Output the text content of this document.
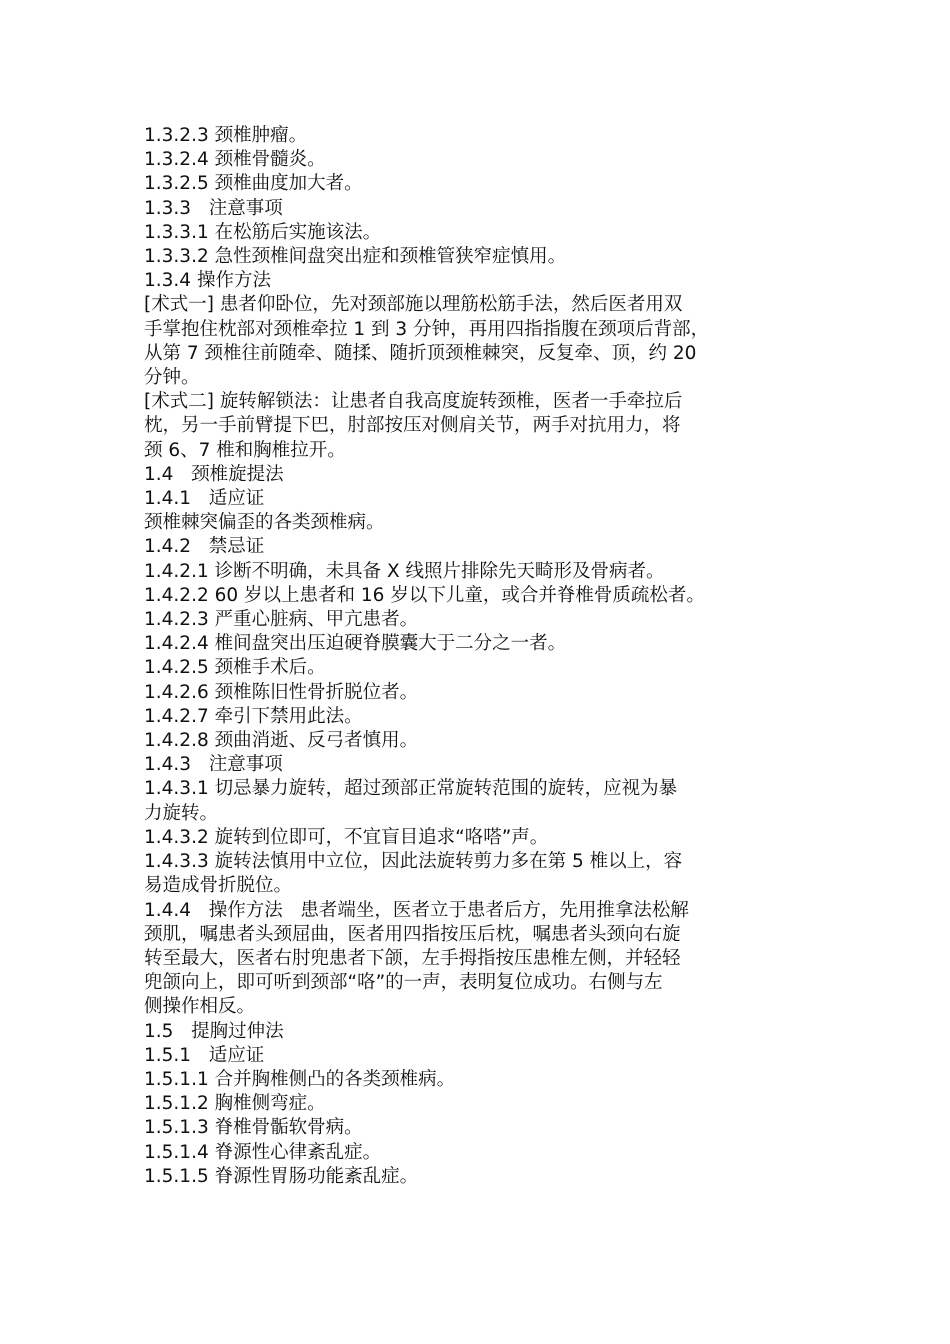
1.3.2.3 颈椎肿瘤。
1.3.2.4 颈椎骨髓炎。
1.3.2.5 颈椎曲度加大者。
1.3.3   注意事项
1.3.3.1 在松筋后实施该法。
1.3.3.2 急性颈椎间盘突出症和颈椎管狭窄症慎用。
1.3.4 操作方法
[术式一] 患者仰卧位，先对颈部施以理筋松筋手法，然后医者用双
手掌抱住枕部对颈椎牵拉 1 到 3 分钟，再用四指指腹在颈项后背部，
从第 7 颈椎往前随牵、随揉、随折顶颈椎棘突，反复牵、顶，约 20
分钟。
[术式二] 旋转解锁法：让患者自我高度旋转颈椎，医者一手牵拉后
枕，另一手前臂提下巴，肘部按压对侧肩关节，两手对抗用力，将
颈 6、7 椎和胸椎拉开。
1.4   颈椎旋提法
1.4.1   适应证
颈椎棘突偏歪的各类颈椎病。
1.4.2   禁忌证
1.4.2.1 诊断不明确，未具备 X 线照片排除先天畸形及骨病者。
1.4.2.2 60 岁以上患者和 16 岁以下儿童，或合并脊椎骨质疏松者。
1.4.2.3 严重心脏病、甲亢患者。
1.4.2.4 椎间盘突出压迫硬脊膜囊大于二分之一者。
1.4.2.5 颈椎手术后。
1.4.2.6 颈椎陈旧性骨折脱位者。
1.4.2.7 牵引下禁用此法。
1.4.2.8 颈曲消逝、反弓者慎用。
1.4.3   注意事项
1.4.3.1 切忌暴力旋转，超过颈部正常旋转范围的旋转，应视为暴
力旋转。
1.4.3.2 旋转到位即可，不宜盲目追求“咯嗒”声。
1.4.3.3 旋转法慎用中立位，因此法旋转剪力多在第 5 椎以上，容
易造成骨折脱位。
1.4.4   操作方法   患者端坐，医者立于患者后方，先用推拿法松解
颈肌，嘱患者头颈屈曲，医者用四指按压后枕，嘱患者头颈向右旋
转至最大，医者右肘兜患者下颌，左手拇指按压患椎左侧，并轻轻
兜颌向上，即可听到颈部“咯”的一声，表明复位成功。右侧与左
侧操作相反。
1.5   提胸过伸法
1.5.1   适应证
1.5.1.1 合并胸椎侧凸的各类颈椎病。
1.5.1.2 胸椎侧弯症。
1.5.1.3 脊椎骨骺软骨病。
1.5.1.4 脊源性心律紊乱症。
1.5.1.5 脊源性胃肠功能紊乱症。
